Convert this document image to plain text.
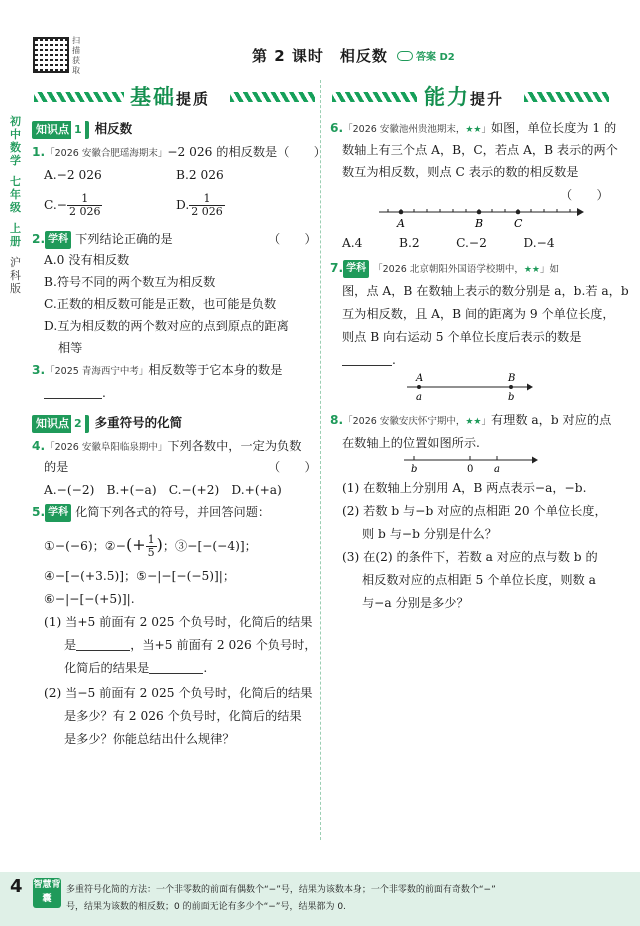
扫描获取
第 2 课时　相反数	答案 D2
基础提质	能力提升
初中数学
七年级
上册
沪科版
知识点 1 相反数
1.「2026 安徽合肥瑶海期末」−2 026 的相反数是（　　）
A.−2 026	B.2 026
$C.- \frac{1}{2 026}$	D. $\frac{1}{2 026}$
2. 学科 下列结论正确的是	（　　）
A.0 没有相反数
B.符号不同的两个数互为相反数
C.正数的相反数可能是正数，也可能是负数
D.互为相反数的两个数对应的点到原点的距离
相等
3.「2025 青海西宁中考」相反数等于它本身的数是
.
知识点 2 多重符号的化简
4.「2026 安徽阜阳临泉期中」下列各数中，一定为负数
的是	（　　）
A.−(−2)　B.+(−a)　C.−(+2)　D.+(+a)
5. 学科 化简下列各式的符号，并回答问题：
①−(−6)；②−(+ $\frac{1}{5}$ )；③−[−(−4)]；
④−[−(+3.5)]；⑤−|−[−(−5)]|；
⑥−|−[−(+5)]|.
(1) 当+5 前面有 2 025 个负号时，化简后的结果
是	，当+5 前面有 2 026 个负号时，
化简后的结果是	.
(2) 当−5 前面有 2 025 个负号时，化简后的结果
是多少？有 2 026 个负号时，化简后的结果
是多少？你能总结出什么规律？
6.「2026 安徽池州贵池期末，★★」如图，单位长度为 1 的
数轴上有三个点 A，B，C，若点 A，B 表示的两个
数互为相反数，则点 C 表示的数的相反数是
（　　）
A	B	C
A.4　　　B.2　　　C.−2　　　D.−4
7. 学科 「2026 北京朝阳外国语学校期中，★★」如
图，点 A，B 在数轴上表示的数分别是 a，b.若 a，b
互为相反数，且 A，B 间的距离为 9 个单位长度，
则点 B 向右运动 5 个单位长度后表示的数是
.
A	B
a	b
8.「2026 安徽安庆怀宁期中，★★」有理数 a，b 对应的点
在数轴上的位置如图所示.
b	0 a
(1) 在数轴上分别用 A，B 两点表示−a，−b.
(2) 若数 b 与−b 对应的点相距 20 个单位长度，
则 b 与−b 分别是什么？
(3) 在(2) 的条件下，若数 a 对应的点与数 b 的
相反数对应的点相距 5 个单位长度，则数 a
与−a 分别是多少？
4 智慧背囊
多重符号化简的方法：一个非零数的前面有偶数个“−”号，结果为该数本身；一个非零数的前面有奇数个“−”
号，结果为该数的相反数；0 的前面无论有多少个“−”号，结果都为 0.
